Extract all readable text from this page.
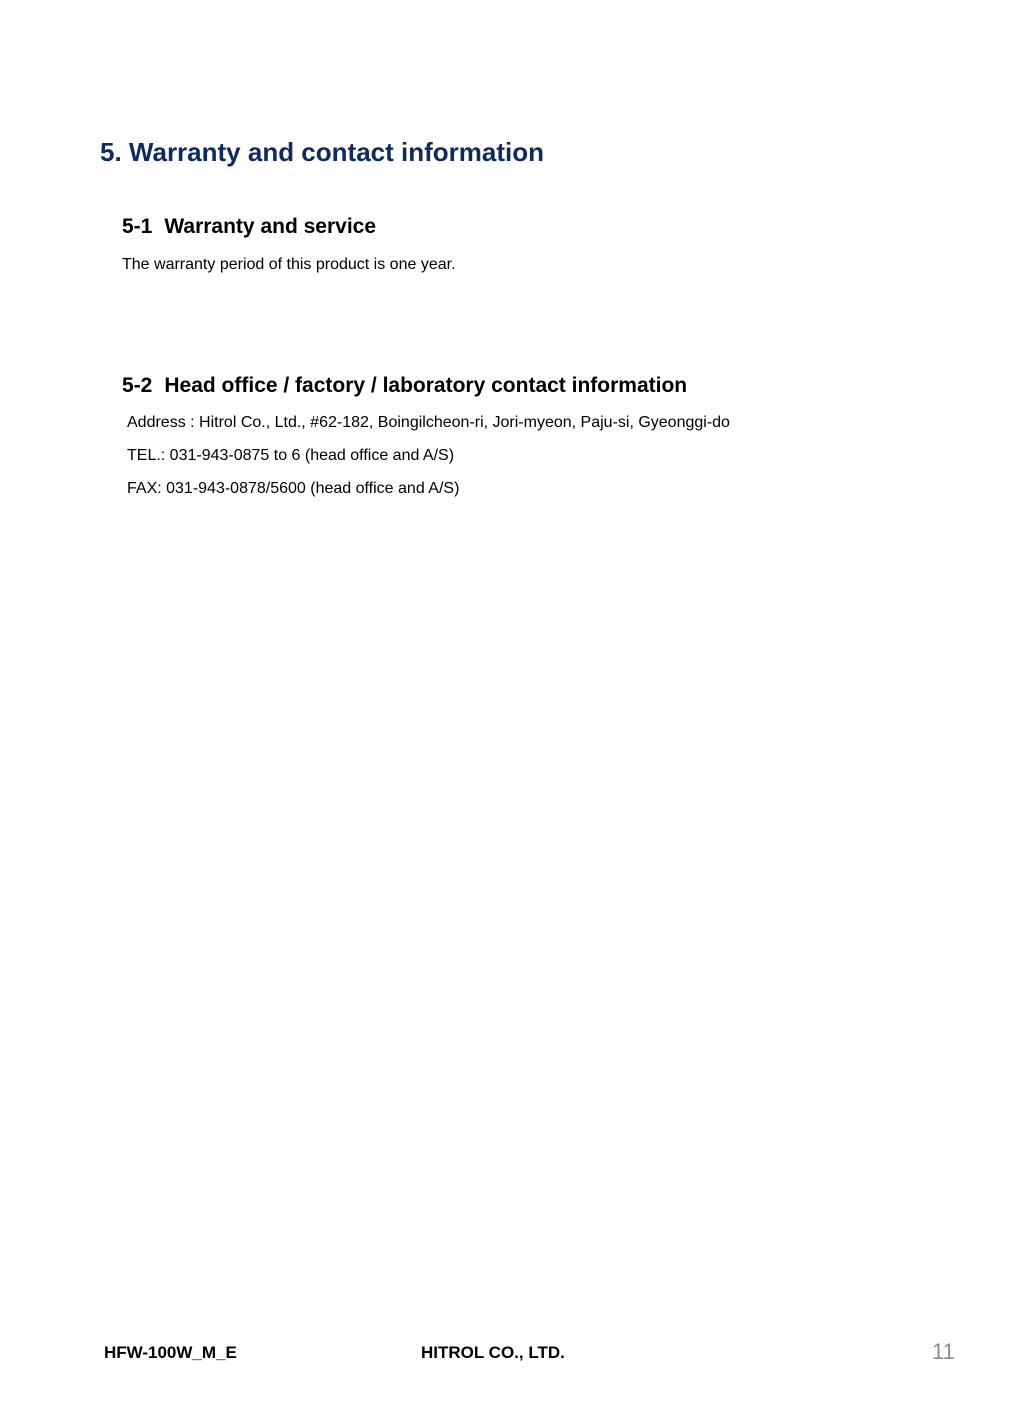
5. Warranty and contact information
5-1 Warranty and service

The warranty period of this product is one year.

5-2 Head office / factory / laboratory contact information

Address : Hitrol Co., Ltd., #62-182, Boingilcheon-ri, Jori-myeon, Paju-si, Gyeonggi-do

TEL.: 031-943-0875 to 6 (head office and A/S)

FAX: 031-943-0878/5600 (head office and A/S)

HFW-100W_M_E	HITROL CO., LTD.	11
